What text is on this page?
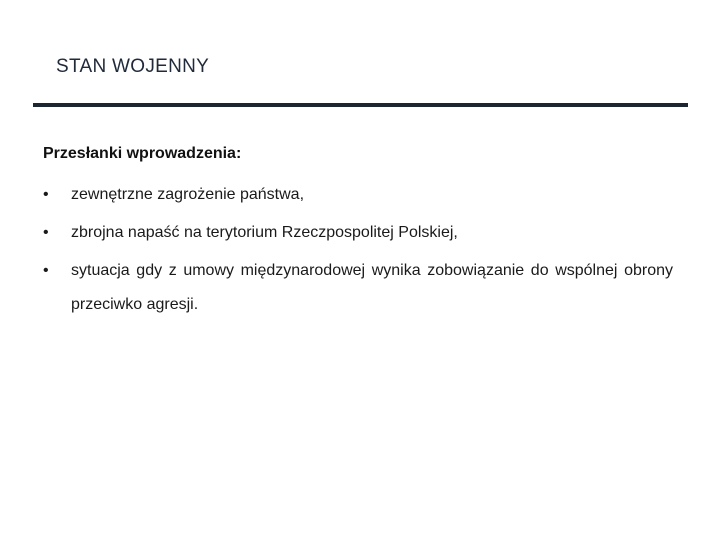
STAN WOJENNY
Przesłanki wprowadzenia:
• zewnętrzne zagrożenie państwa,
• zbrojna napaść na terytorium Rzeczpospolitej Polskiej,
• sytuacja gdy z umowy międzynarodowej wynika zobowiązanie do wspólnej obrony przeciwko agresji.
